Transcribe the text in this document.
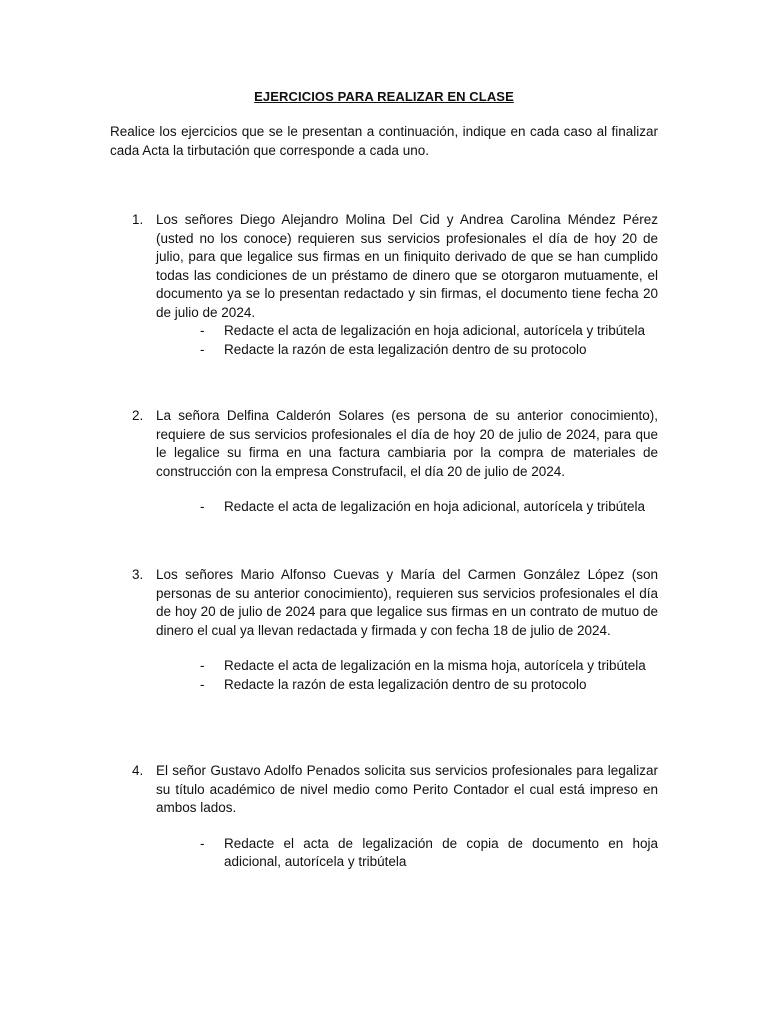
EJERCICIOS PARA REALIZAR EN CLASE
Realice los ejercicios que se le presentan a continuación, indique en cada caso al finalizar cada Acta la tirbutación que corresponde a cada uno.
1. Los señores Diego Alejandro Molina Del Cid y Andrea Carolina Méndez Pérez (usted no los conoce) requieren sus servicios profesionales el día de hoy 20 de julio, para que legalice sus firmas en un finiquito derivado de que se han cumplido todas las condiciones de un préstamo de dinero que se otorgaron mutuamente, el documento ya se lo presentan redactado y sin firmas, el documento tiene fecha 20 de julio de 2024.
- Redacte el acta de legalización en hoja adicional, autorícela y tribútela
- Redacte la razón de esta legalización dentro de su protocolo
2. La señora Delfina Calderón Solares (es persona de su anterior conocimiento), requiere de sus servicios profesionales el día de hoy 20 de julio de 2024, para que le legalice su firma en una factura cambiaria por la compra de materiales de construcción con la empresa Construfacil, el día 20 de julio de 2024.
- Redacte el acta de legalización en hoja adicional, autorícela y tribútela
3. Los señores Mario Alfonso Cuevas y María del Carmen González López (son personas de su anterior conocimiento), requieren sus servicios profesionales el día de hoy 20 de julio de 2024 para que legalice sus firmas en un contrato de mutuo de dinero el cual ya llevan redactada y firmada y con fecha 18 de julio de 2024.
- Redacte el acta de legalización en la misma hoja, autorícela y tribútela
- Redacte la razón de esta legalización dentro de su protocolo
4. El señor Gustavo Adolfo Penados solicita sus servicios profesionales para legalizar su título académico de nivel medio como Perito Contador el cual está impreso en ambos lados.
- Redacte el acta de legalización de copia de documento en hoja adicional, autorícela y tribútela
